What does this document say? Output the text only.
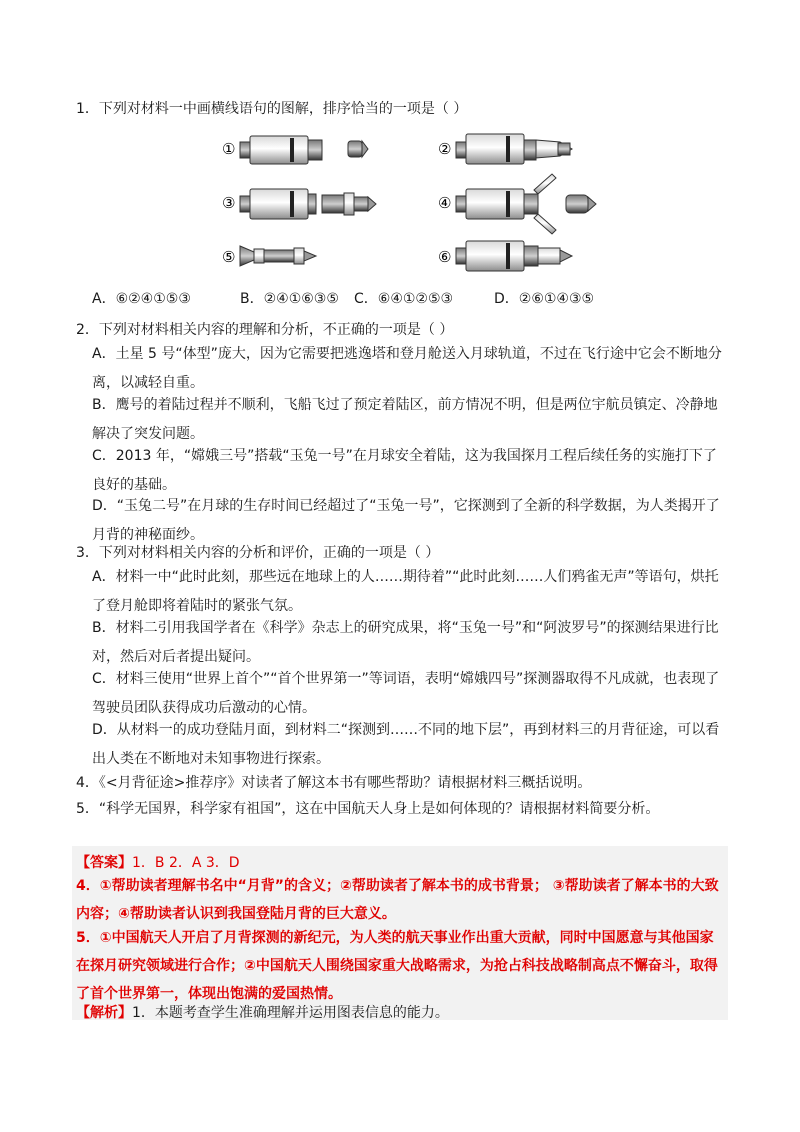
1．下列对材料一中画横线语句的图解，排序恰当的一项是（ ）
①	②
③	④
⑤	⑥
A．⑥②④①⑤③	B．②④①⑥③⑤ C．⑥④①②⑤③	D．②⑥①④③⑤
2．下列对材料相关内容的理解和分析，不正确的一项是（ ）
A．土星 5 号“体型”庞大，因为它需要把逃逸塔和登月舱送入月球轨道，不过在飞行途中它会不断地分离，以减轻自重。
B．鹰号的着陆过程并不顺利，飞船飞过了预定着陆区，前方情况不明，但是两位宇航员镇定、冷静地解决了突发问题。
C．2013 年，“嫦娥三号”搭载“玉兔一号”在月球安全着陆，这为我国探月工程后续任务的实施打下了良好的基础。
D．“玉兔二号”在月球的生存时间已经超过了“玉兔一号”，它探测到了全新的科学数据，为人类揭开了月背的神秘面纱。
3．下列对材料相关内容的分析和评价，正确的一项是（ ）
A．材料一中“此时此刻，那些远在地球上的人……期待着”“此时此刻……人们鸦雀无声”等语句，烘托了登月舱即将着陆时的紧张气氛。
B．材料二引用我国学者在《科学》杂志上的研究成果，将“玉兔一号”和“阿波罗号”的探测结果进行比对，然后对后者提出疑问。
C．材料三使用“世界上首个”“首个世界第一”等词语，表明“嫦娥四号”探测器取得不凡成就，也表现了驾驶员团队获得成功后激动的心情。
D．从材料一的成功登陆月面，到材料二“探测到……不同的地下层”，再到材料三的月背征途，可以看出人类在不断地对未知事物进行探索。
4．《<月背征途>推荐序》对读者了解这本书有哪些帮助？请根据材料三概括说明。
5．“科学无国界，科学家有祖国”，这在中国航天人身上是如何体现的？请根据材料简要分析。
【答案】1．B 2．A 3．D
4．①帮助读者理解书名中“月背”的含义；②帮助读者了解本书的成书背景； ③帮助读者了解本书的大致内容；④帮助读者认识到我国登陆月背的巨大意义。
5．①中国航天人开启了月背探测的新纪元，为人类的航天事业作出重大贡献，同时中国愿意与其他国家在探月研究领域进行合作；②中国航天人围绕国家重大战略需求，为抢占科技战略制高点不懈奋斗，取得了首个世界第一，体现出饱满的爱国热情。
【解析】1．本题考查学生准确理解并运用图表信息的能力。
